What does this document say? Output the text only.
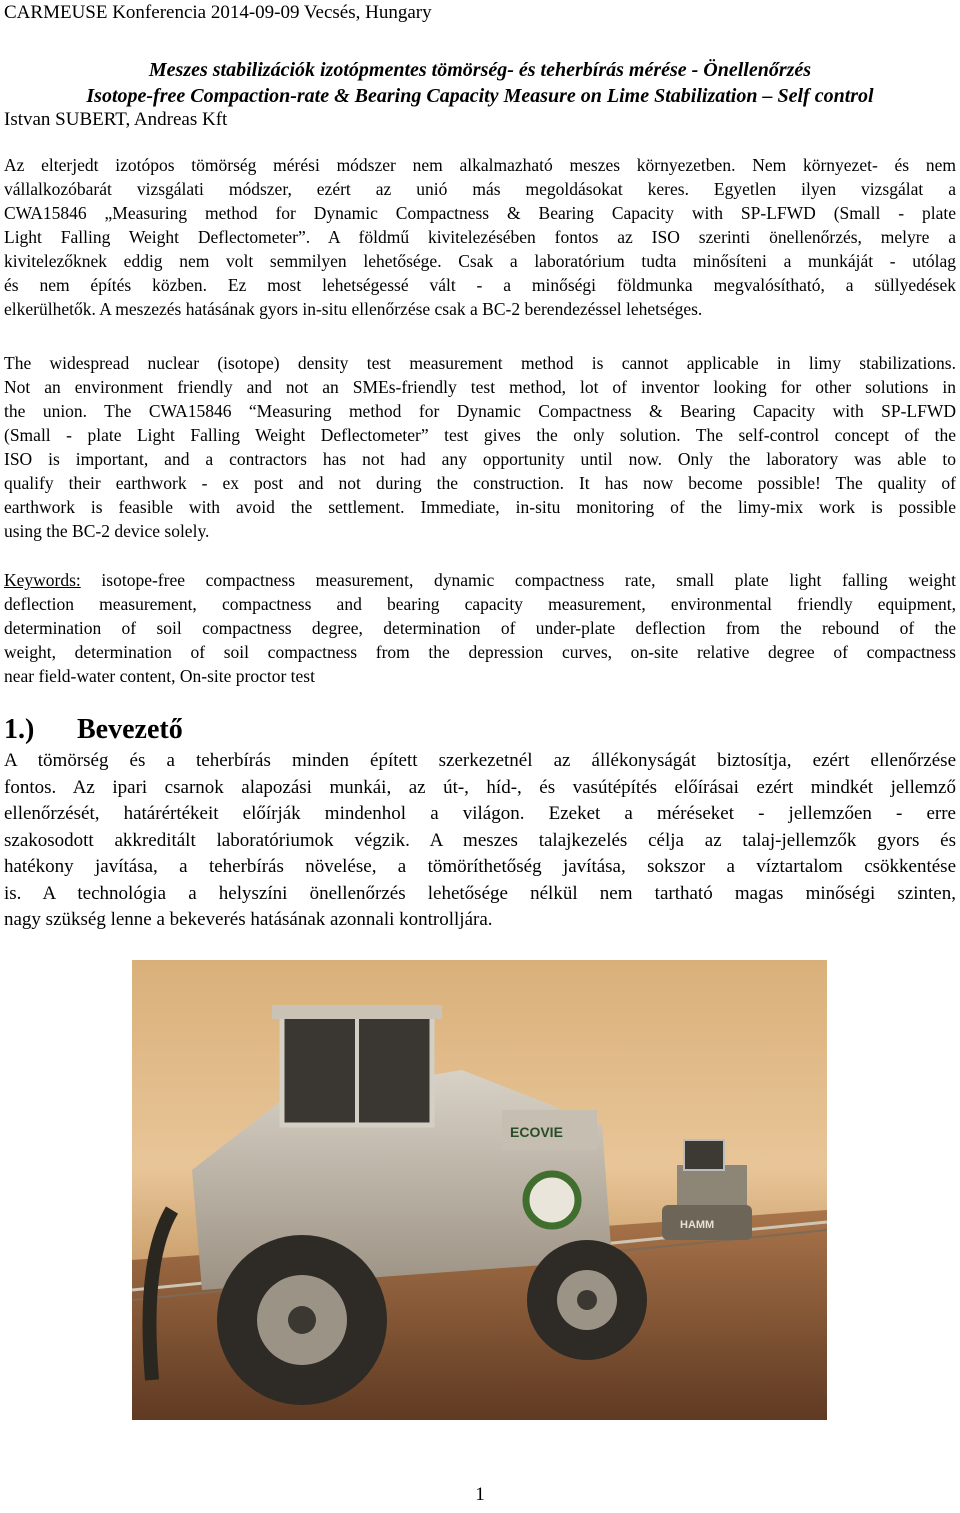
CARMEUSE Konferencia 2014-09-09 Vecsés, Hungary
Meszes stabilizációk izotópmentes tömörség- és teherbírás mérése - Önellenőrzés
Isotope-free Compaction-rate & Bearing Capacity Measure on Lime Stabilization – Self control
Istvan SUBERT, Andreas Kft
Az elterjedt izotópos tömörség mérési módszer nem alkalmazható meszes környezetben. Nem környezet- és nem
vállalkozóbarát vizsgálati módszer, ezért az unió más megoldásokat keres. Egyetlen ilyen vizsgálat a
CWA15846 „Measuring method for Dynamic Compactness & Bearing Capacity with SP-LFWD (Small - plate
Light Falling Weight Deflectometer”. A földmű kivitelezésében fontos az ISO szerinti önellenőrzés, melyre a
kivitelezőknek eddig nem volt semmilyen lehetősége. Csak a laboratórium tudta minősíteni a munkáját - utólag
és nem építés közben. Ez most lehetségessé vált - a minőségi földmunka megvalósítható, a süllyedések
elkerülhetők. A meszezés hatásának gyors in-situ ellenőrzése csak a BC-2 berendezéssel lehetséges.
The widespread nuclear (isotope) density test measurement method is cannot applicable in limy stabilizations.
Not an environment friendly and not an SMEs-friendly test method, lot of inventor looking for other solutions in
the union. The CWA15846 “Measuring method for Dynamic Compactness & Bearing Capacity with SP-LFWD
(Small - plate Light Falling Weight Deflectometer” test gives the only solution. The self-control concept of the
ISO is important, and a contractors has not had any opportunity until now. Only the laboratory was able to
qualify their earthwork - ex post and not during the construction. It has now become possible! The quality of
earthwork is feasible with avoid the settlement. Immediate, in-situ monitoring of the limy-mix work is possible
using the BC-2 device solely.
Keywords: isotope-free compactness measurement, dynamic compactness rate, small plate light falling weight
deflection measurement, compactness and bearing capacity measurement, environmental friendly equipment,
determination of soil compactness degree, determination of under-plate deflection from the rebound of the
weight, determination of soil compactness from the depression curves, on-site relative degree of compactness
near field-water content, On-site proctor test
1.) Bevezető
A tömörség és a teherbírás minden épített szerkezetnél az állékonyságát biztosítja, ezért ellenőrzése
fontos. Az ipari csarnok alapozási munkái, az út-, híd-, és vasútépítés előírásai ezért mindkét jellemző
ellenőrzését, határértékeit előírják mindenhol a világon. Ezeket a méréseket - jellemzően - erre
szakosodott akkreditált laboratóriumok végzik. A meszes talajkezelés célja az talaj-jellemzők gyors és
hatékony javítása, a teherbírás növelése, a tömöríthetőség javítása, sokszor a víztartalom csökkentése
is. A technológia a helyszíni önellenőrzés lehetősége nélkül nem tartható magas minőségi szinten,
nagy szükség lenne a bekeverés hatásának azonnali kontrolljára.
HAMM
ECOVIE
1
